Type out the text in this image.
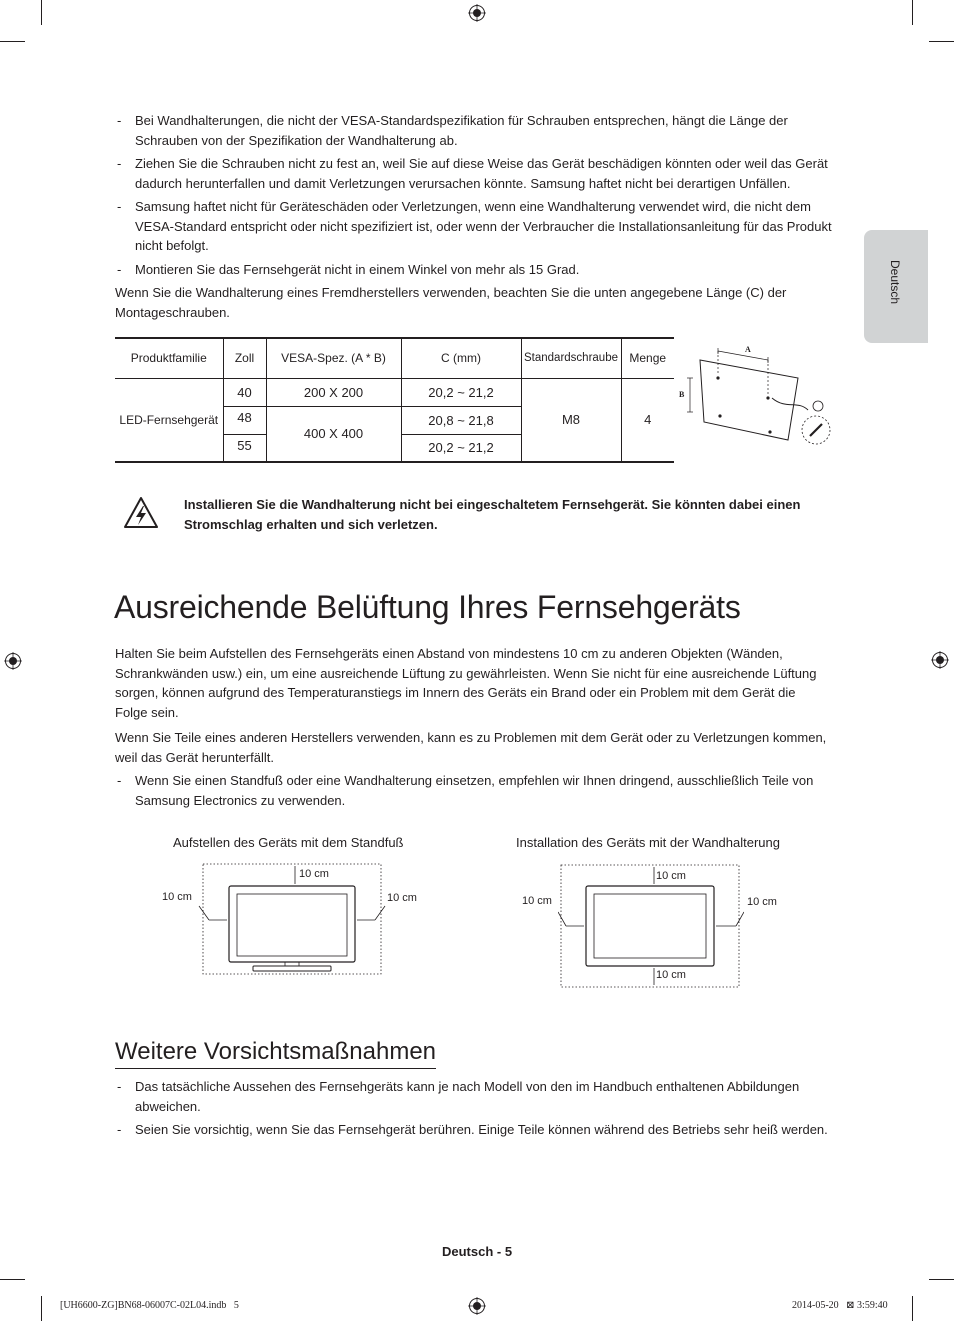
Deutsch
- Bei Wandhalterungen, die nicht der VESA-Standardspezifikation für Schrauben entsprechen, hängt die Länge der Schrauben von der Spezifikation der Wandhalterung ab.
- Ziehen Sie die Schrauben nicht zu fest an, weil Sie auf diese Weise das Gerät beschädigen könnten oder weil das Gerät dadurch herunterfallen und damit Verletzungen verursachen könnte. Samsung haftet nicht bei derartigen Unfällen.
- Samsung haftet nicht für Geräteschäden oder Verletzungen, wenn eine Wandhalterung verwendet wird, die nicht dem VESA-Standard entspricht oder nicht spezifiziert ist, oder wenn der Verbraucher die Installationsanleitung für das Produkt nicht befolgt.
- Montieren Sie das Fernsehgerät nicht in einem Winkel von mehr als 15 Grad.

Wenn Sie die Wandhalterung eines Fremdherstellers verwenden, beachten Sie die unten angegebene Länge (C) der Montageschrauben.

Produktfamilie	Zoll	VESA-Spez. (A * B)	C (mm)	Standardschraube	Menge
LED-Fernsehgerät	40	200 X 200	20,2 ~ 21,2	M8	4
	48	400 X 400	20,8 ~ 21,8		
	55		20,2 ~ 21,2		
A
B

Installieren Sie die Wandhalterung nicht bei eingeschaltetem Fernsehgerät. Sie könnten dabei einen Stromschlag erhalten und sich verletzen.

Ausreichende Belüftung Ihres Fernsehgeräts

Halten Sie beim Aufstellen des Fernsehgeräts einen Abstand von mindestens 10 cm zu anderen Objekten (Wänden, Schrankwänden usw.) ein, um eine ausreichende Lüftung zu gewährleisten. Wenn Sie nicht für eine ausreichende Lüftung sorgen, können aufgrund des Temperaturanstiegs im Innern des Geräts ein Brand oder ein Problem mit dem Gerät die Folge sein.

Wenn Sie Teile eines anderen Herstellers verwenden, kann es zu Problemen mit dem Gerät oder zu Verletzungen kommen, weil das Gerät herunterfällt.

- Wenn Sie einen Standfuß oder eine Wandhalterung einsetzen, empfehlen wir Ihnen dringend, ausschließlich Teile von Samsung Electronics zu verwenden.
Aufstellen des Geräts mit dem Standfuß	Installation des Geräts mit der Wandhalterung
10 cm
10 cm	10 cm
10 cm
10 cm	10 cm
10 cm
Weitere Vorsichtsmaßnahmen
- Das tatsächliche Aussehen des Fernsehgeräts kann je nach Modell von den im Handbuch enthaltenen Abbildungen abweichen.
- Seien Sie vorsichtig, wenn Sie das Fernsehgerät berühren. Einige Teile können während des Betriebs sehr heiß werden.
Deutsch - 5
[UH6600-ZG]BN68-06007C-02L04.indb   5	2014-05-20   ⊠ 3:59:40
